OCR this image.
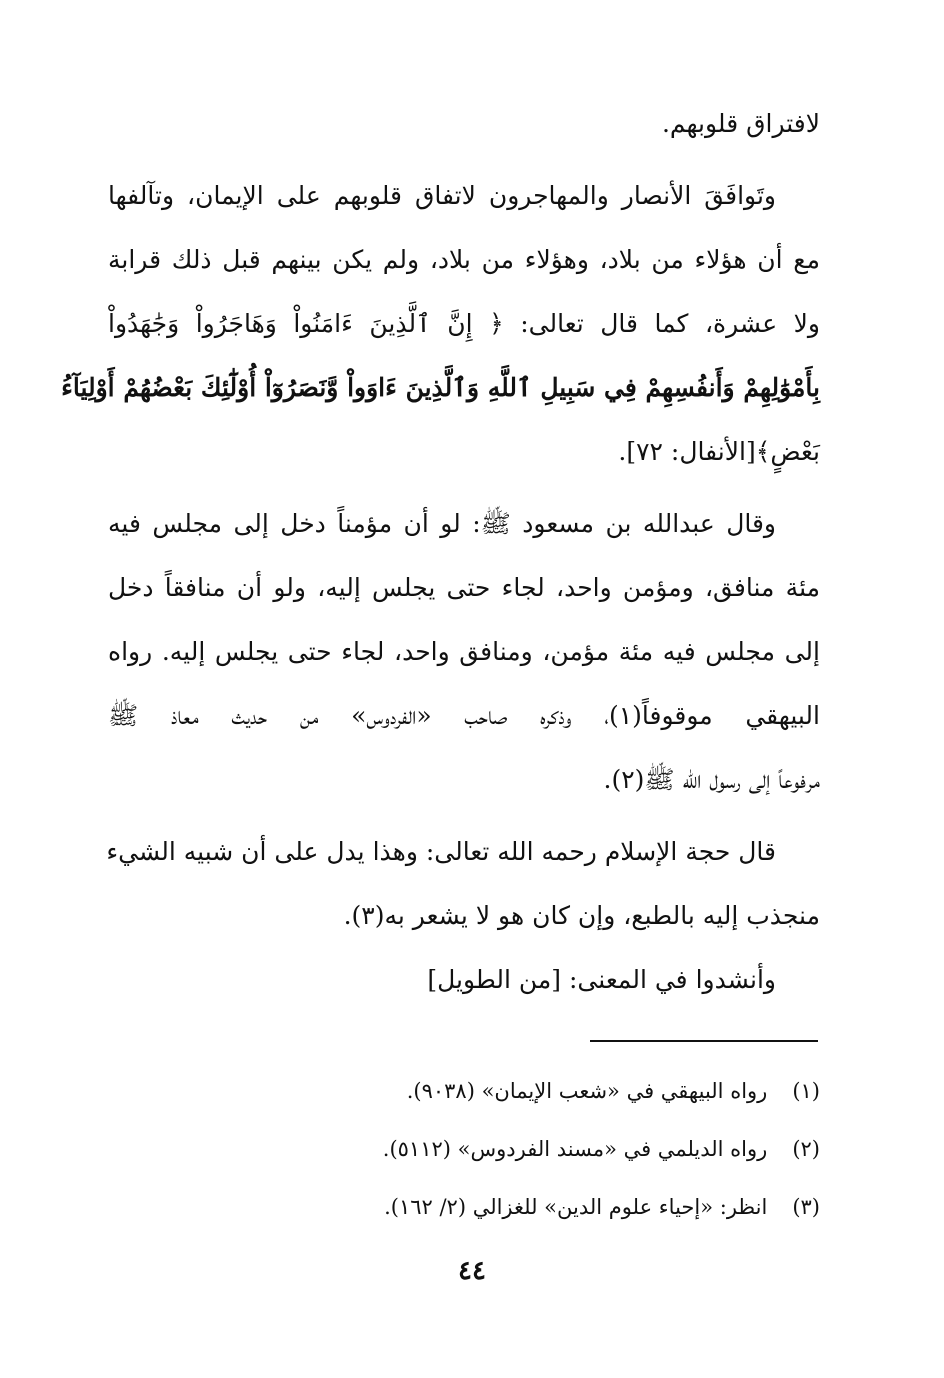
لافتراق قلوبهم.
وتَوافَقَ الأنصار والمهاجرون لاتفاق قلوبهم على الإيمان، وتآلفها
مع أن هؤلاء من بلاد، وهؤلاء من بلاد، ولم يكن بينهم قبل ذلك قرابة
ولا عشرة، كما قال تعالى: ﴿ إِنَّ ٱلَّذِينَ ءَامَنُواْ وَهَاجَرُواْ وَجَٰهَدُواْ
بِأَمْوَٰلِهِمْ وَأَنفُسِهِمْ فِي سَبِيلِ ٱللَّهِ وَٱلَّذِينَ ءَاوَواْ وَّنَصَرُوٓاْ أُوْلَٰٓئِكَ بَعْضُهُمْ أَوْلِيَآءُ
بَعْضٍ﴾[الأنفال: ٧٢].
وقال عبدالله بن مسعود ﷺ: لو أن مؤمناً دخل إلى مجلس فيه
مئة منافق، ومؤمن واحد، لجاء حتى يجلس إليه، ولو أن منافقاً دخل
إلى مجلس فيه مئة مؤمن، ومنافق واحد، لجاء حتى يجلس إليه. رواه
البيهقي موقوفاً(١)، وذكره صاحب «الفردوس» من حديث معاذ ﷺ
مرفوعاً إلى رسول الله ﷺ(٢).
قال حجة الإسلام رحمه الله تعالى: وهذا يدل على أن شبيه الشيء
منجذب إليه بالطبع، وإن كان هو لا يشعر به(٣).
وأنشدوا في المعنى: [من الطويل]
(١) رواه البيهقي في «شعب الإيمان» (٩٠٣٨).
(٢) رواه الديلمي في «مسند الفردوس» (٥١١٢).
(٣) انظر: «إحياء علوم الدين» للغزالي (٢/ ١٦٢).
٤٤
